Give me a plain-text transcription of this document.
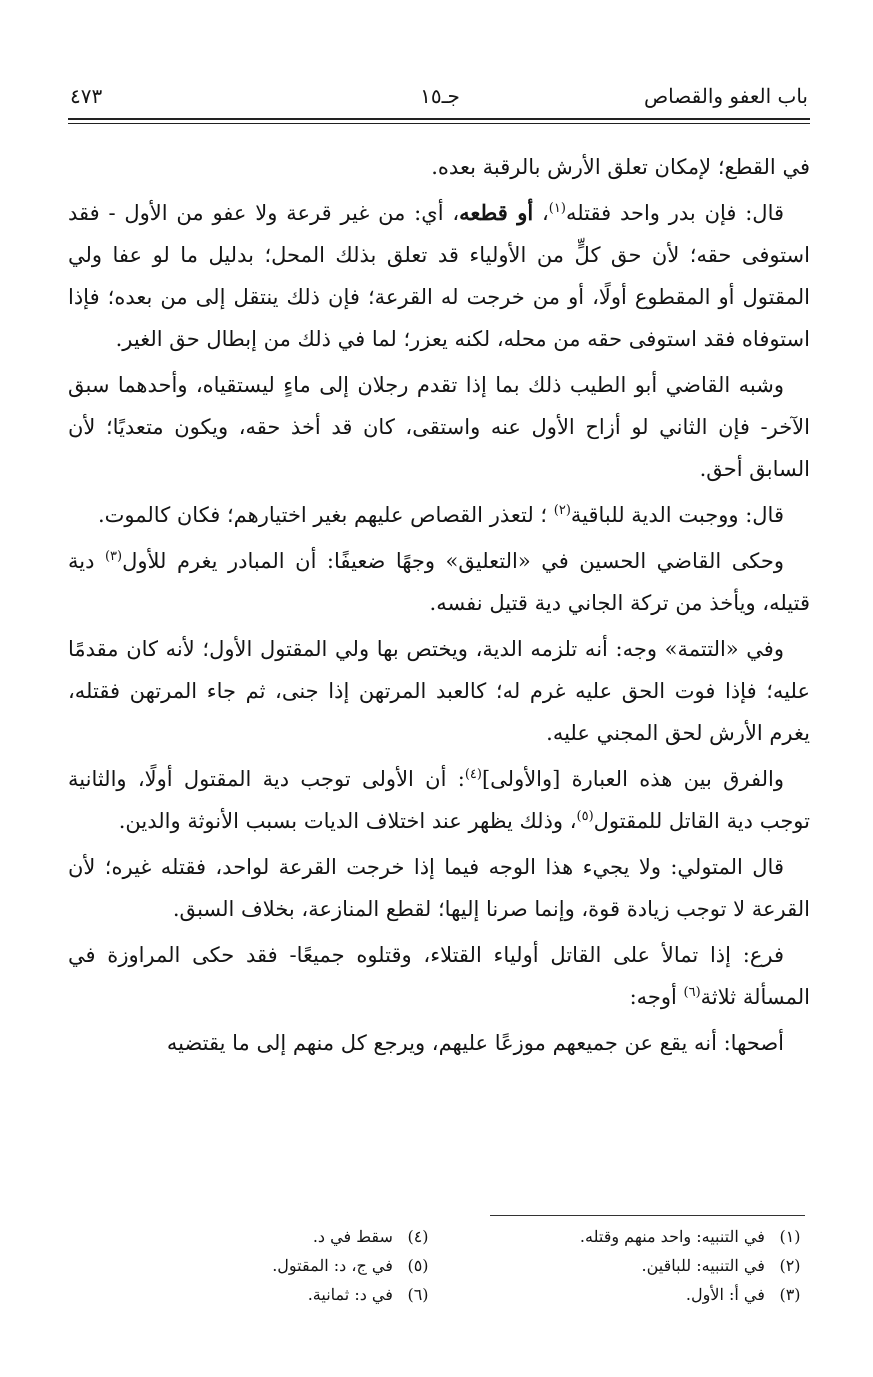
باب العفو والقصاص
جـ١٥
٤٧٣

في القطع؛ لإمكان تعلق الأرش بالرقبة بعده.

قال: فإن بدر واحد فقتله$^{(١)}$، أو قطعه، أي: من غير قرعة ولا عفو من الأول - فقد استوفى حقه؛ لأن حق كلٍّ من الأولياء قد تعلق بذلك المحل؛ بدليل ما لو عفا ولي المقتول أو المقطوع أولًا، أو من خرجت له القرعة؛ فإن ذلك ينتقل إلى من بعده؛ فإذا استوفاه فقد استوفى حقه من محله، لكنه يعزر؛ لما في ذلك من إبطال حق الغير.

وشبه القاضي أبو الطيب ذلك بما إذا تقدم رجلان إلى ماءٍ ليستقياه، وأحدهما سبق الآخر- فإن الثاني لو أزاح الأول عنه واستقى، كان قد أخذ حقه، ويكون متعديًا؛ لأن السابق أحق.

قال: ووجبت الدية للباقية$^{(٢)}$ ؛ لتعذر القصاص عليهم بغير اختيارهم؛ فكان كالموت.

وحكى القاضي الحسين في «التعليق» وجهًا ضعيفًا: أن المبادر يغرم للأول$^{(٣)}$ دية قتيله، ويأخذ من تركة الجاني دية قتيل نفسه.

وفي «التتمة» وجه: أنه تلزمه الدية، ويختص بها ولي المقتول الأول؛ لأنه كان مقدمًا عليه؛ فإذا فوت الحق عليه غرم له؛ كالعبد المرتهن إذا جنى، ثم جاء المرتهن فقتله، يغرم الأرش لحق المجني عليه.

والفرق بين هذه العبارة [والأولى]$^{(٤)}$: أن الأولى توجب دية المقتول أولًا، والثانية توجب دية القاتل للمقتول$^{(٥)}$، وذلك يظهر عند اختلاف الديات بسبب الأنوثة والدين.

قال المتولي: ولا يجيء هذا الوجه فيما إذا خرجت القرعة لواحد، فقتله غيره؛ لأن القرعة لا توجب زيادة قوة، وإنما صرنا إليها؛ لقطع المنازعة، بخلاف السبق.

فرع: إذا تمالأ على القاتل أولياء القتلاء، وقتلوه جميعًا- فقد حكى المراوزة في المسألة ثلاثة$^{(٦)}$ أوجه:

أصحها: أنه يقع عن جميعهم موزعًا عليهم، ويرجع كل منهم إلى ما يقتضيه

(١) في التنبيه: واحد منهم وقتله.
(٢) في التنبيه: للباقين.
(٣) في أ: الأول.
(٤) سقط في د.
(٥) في ج، د: المقتول.
(٦) في د: ثمانية.
